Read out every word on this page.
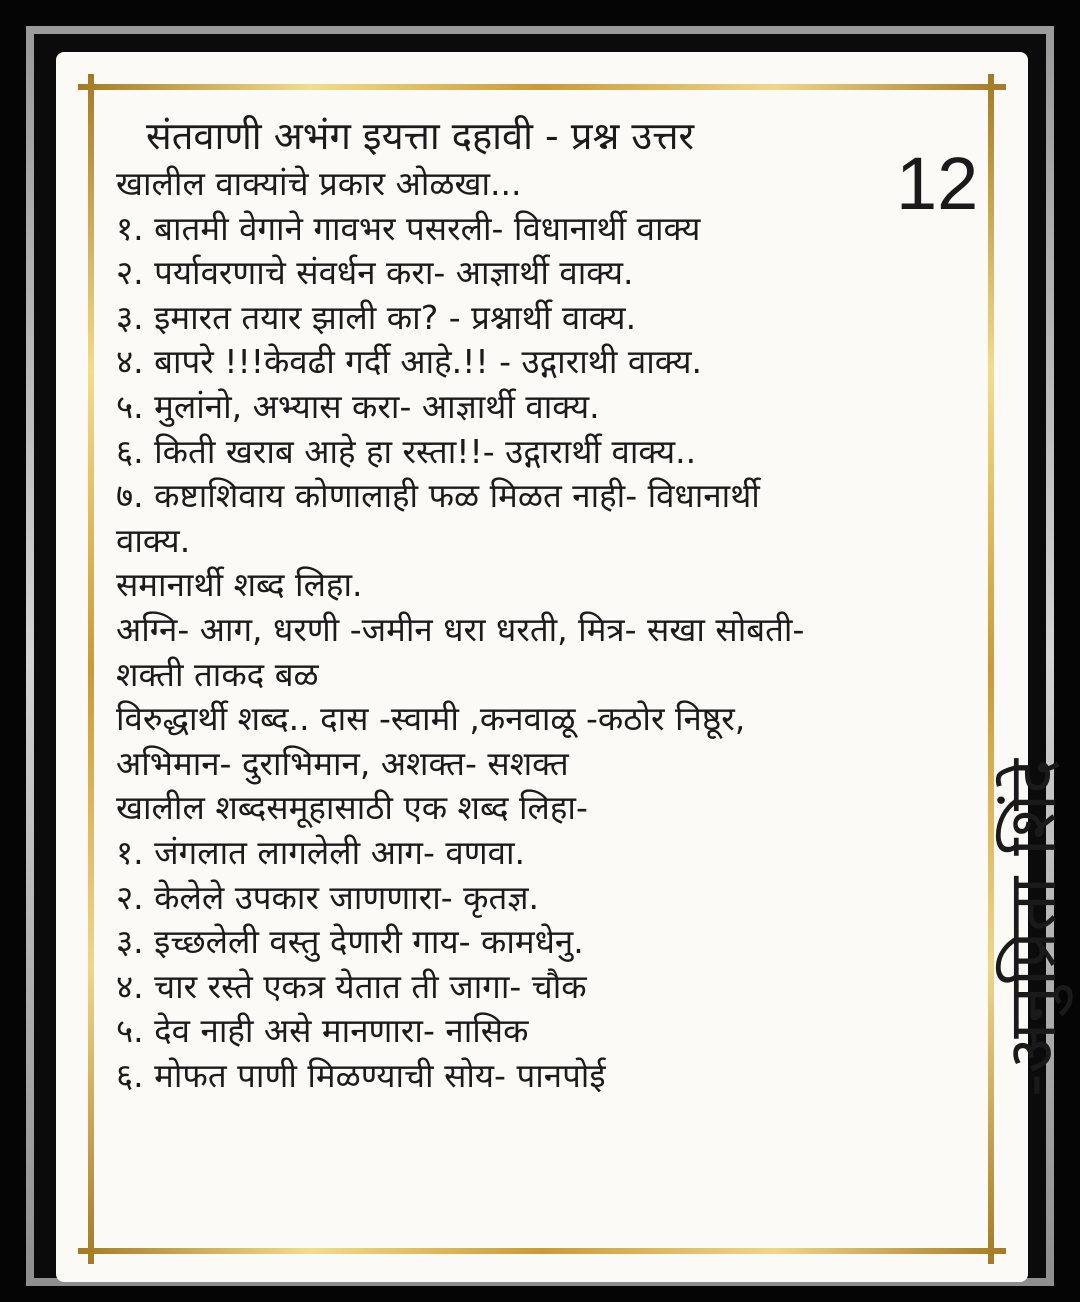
संतवाणी अभंग इयत्ता दहावी - प्रश्न उत्तर
खालील वाक्यांचे प्रकार ओळखा...
१. बातमी वेगाने गावभर पसरली- विधानार्थी वाक्य
२. पर्यावरणाचे संवर्धन करा- आज्ञार्थी वाक्य.
३. इमारत तयार झाली का? - प्रश्नार्थी वाक्य.
४. बापरे !!!केवढी गर्दी आहे.!! - उद्गाराथी वाक्य.
५. मुलांनो, अभ्यास करा- आज्ञार्थी वाक्य.
६. किती खराब आहे हा रस्ता!!- उद्गारार्थी वाक्य..
७. कष्टाशिवाय कोणालाही फळ मिळत नाही- विधानार्थी
वाक्य.
समानार्थी शब्द लिहा.
अग्नि- आग, धरणी -जमीन धरा धरती, मित्र- सखा सोबती-
शक्ती ताकद बळ
विरुद्धार्थी शब्द.. दास -स्वामी ,कनवाळू -कठोर निष्ठूर,
अभिमान- दुराभिमान, अशक्त- सशक्त
खालील शब्दसमूहासाठी एक शब्द लिहा-
१. जंगलात लागलेली आग- वणवा.
२. केलेले उपकार जाणणारा- कृतज्ञ.
३. इच्छलेली वस्तु देणारी गाय- कामधेनु.
४. चार रस्ते एकत्र येतात ती जागा- चौक
५. देव नाही असे मानणारा- नासिक
६. मोफत पाणी मिळण्याची सोय- पानपोई
12
-अनुप्रिता शिंदे
